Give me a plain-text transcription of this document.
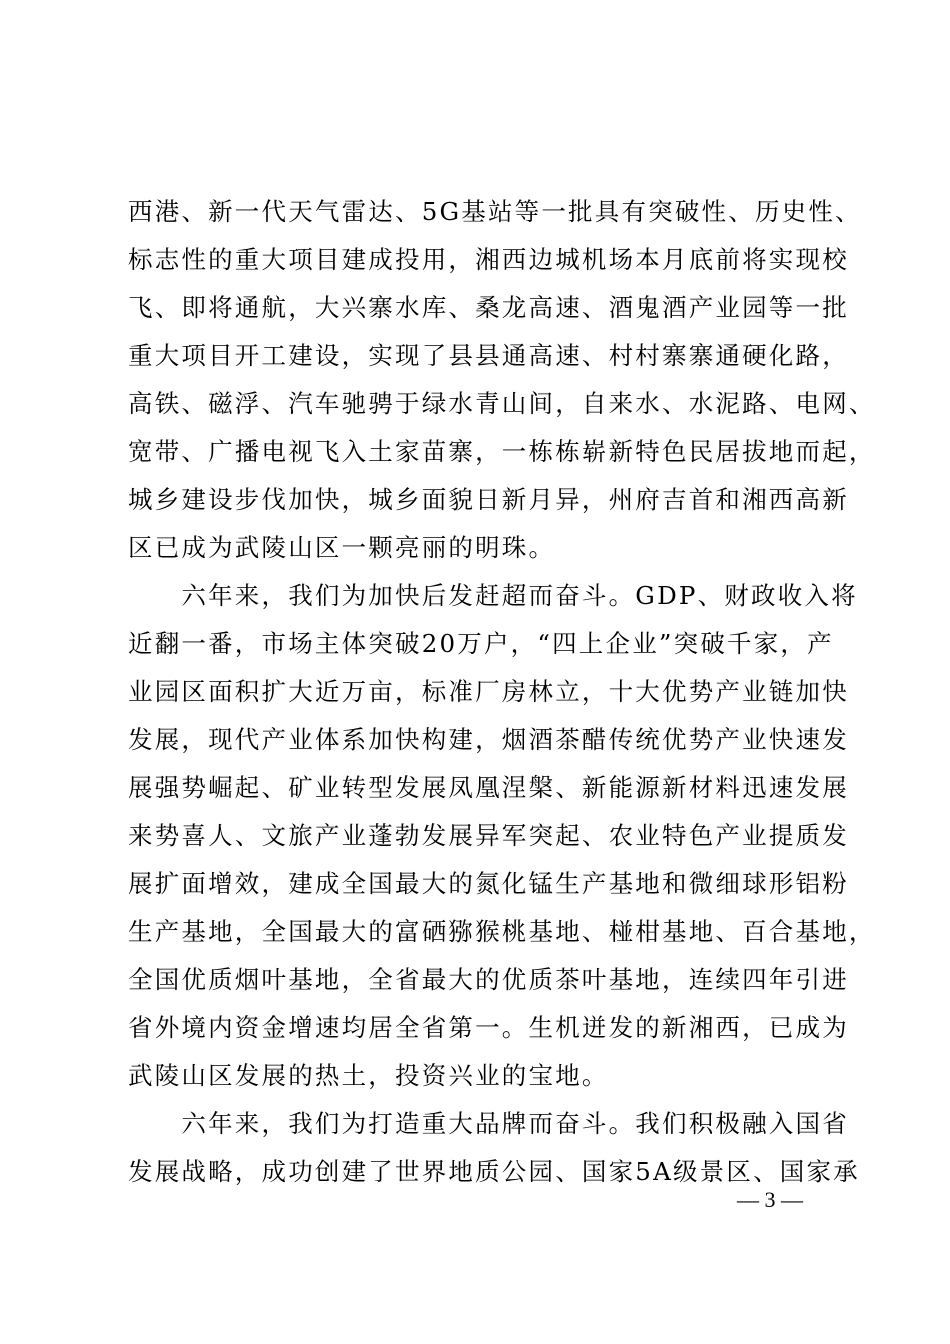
西港、新一代天气雷达、5G基站等一批具有突破性、历史性、
标志性的重大项目建成投用，湘西边城机场本月底前将实现校
飞、即将通航，大兴寨水库、桑龙高速、酒鬼酒产业园等一批
重大项目开工建设，实现了县县通高速、村村寨寨通硬化路，
高铁、磁浮、汽车驰骋于绿水青山间，自来水、水泥路、电网、
宽带、广播电视飞入土家苗寨，一栋栋崭新特色民居拔地而起，
城乡建设步伐加快，城乡面貌日新月异，州府吉首和湘西高新
区已成为武陵山区一颗亮丽的明珠。
　　六年来，我们为加快后发赶超而奋斗。GDP、财政收入将
近翻一番，市场主体突破20万户，“四上企业”突破千家，产
业园区面积扩大近万亩，标准厂房林立，十大优势产业链加快
发展，现代产业体系加快构建，烟酒茶醋传统优势产业快速发
展强势崛起、矿业转型发展凤凰涅槃、新能源新材料迅速发展
来势喜人、文旅产业蓬勃发展异军突起、农业特色产业提质发
展扩面增效，建成全国最大的氮化锰生产基地和微细球形铝粉
生产基地，全国最大的富硒猕猴桃基地、椪柑基地、百合基地，
全国优质烟叶基地，全省最大的优质茶叶基地，连续四年引进
省外境内资金增速均居全省第一。生机迸发的新湘西，已成为
武陵山区发展的热土，投资兴业的宝地。
　　六年来，我们为打造重大品牌而奋斗。我们积极融入国省
发展战略，成功创建了世界地质公园、国家5A级景区、国家承
— 3 —
